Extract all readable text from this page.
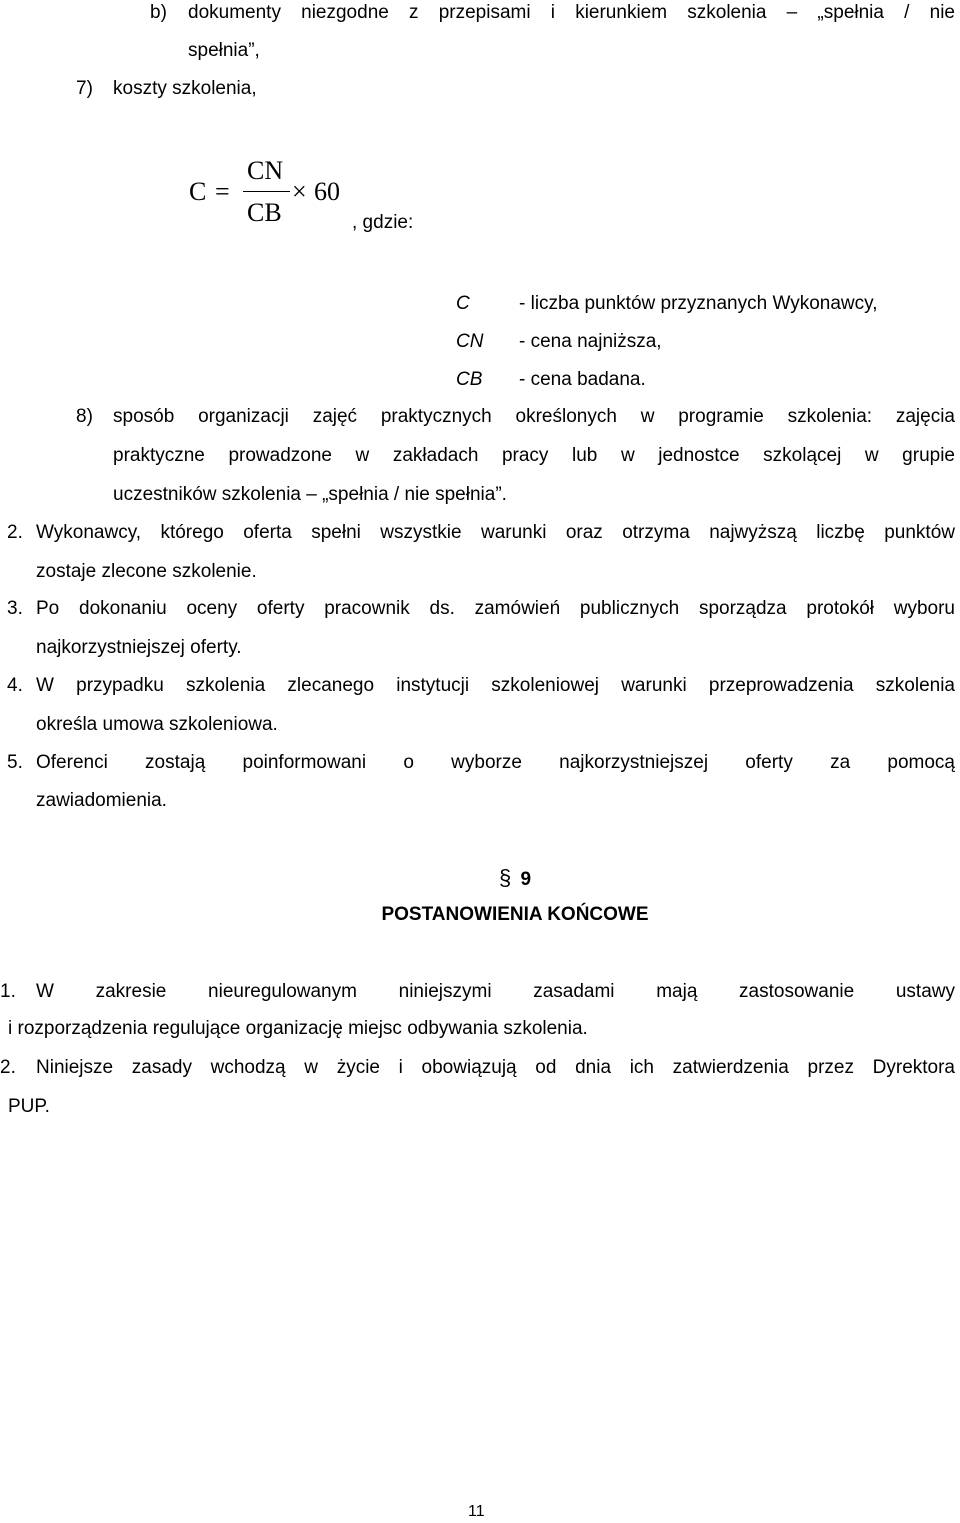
b) dokumenty niezgodne z przepisami i kierunkiem szkolenia – „spełnia / nie
spełnia”,
7) koszty szkolenia,
C =
CN
CB
× 60
, gdzie:
C	- liczba punktów przyznanych Wykonawcy,
CN - cena najniższa,
CB - cena badana.
8) sposób organizacji zajęć praktycznych określonych w programie szkolenia: zajęcia
praktyczne prowadzone w zakładach pracy lub w jednostce szkolącej w grupie
uczestników szkolenia – „spełnia / nie spełnia”.
2. Wykonawcy, którego oferta spełni wszystkie warunki oraz otrzyma najwyższą liczbę punktów
zostaje zlecone szkolenie.
3. Po dokonaniu oceny oferty pracownik ds. zamówień publicznych sporządza protokół wyboru
najkorzystniejszej oferty.
4. W przypadku szkolenia zlecanego instytucji szkoleniowej warunki przeprowadzenia szkolenia
określa umowa szkoleniowa.
5. Oferenci zostają poinformowani o wyborze najkorzystniejszej oferty za pomocą
zawiadomienia.
§ 9
POSTANOWIENIA KOŃCOWE
1. W zakresie nieuregulowanym niniejszymi zasadami mają zastosowanie ustawy
i rozporządzenia regulujące organizację miejsc odbywania szkolenia.
2. Niniejsze zasady wchodzą w życie i obowiązują od dnia ich zatwierdzenia przez Dyrektora
PUP.
11
